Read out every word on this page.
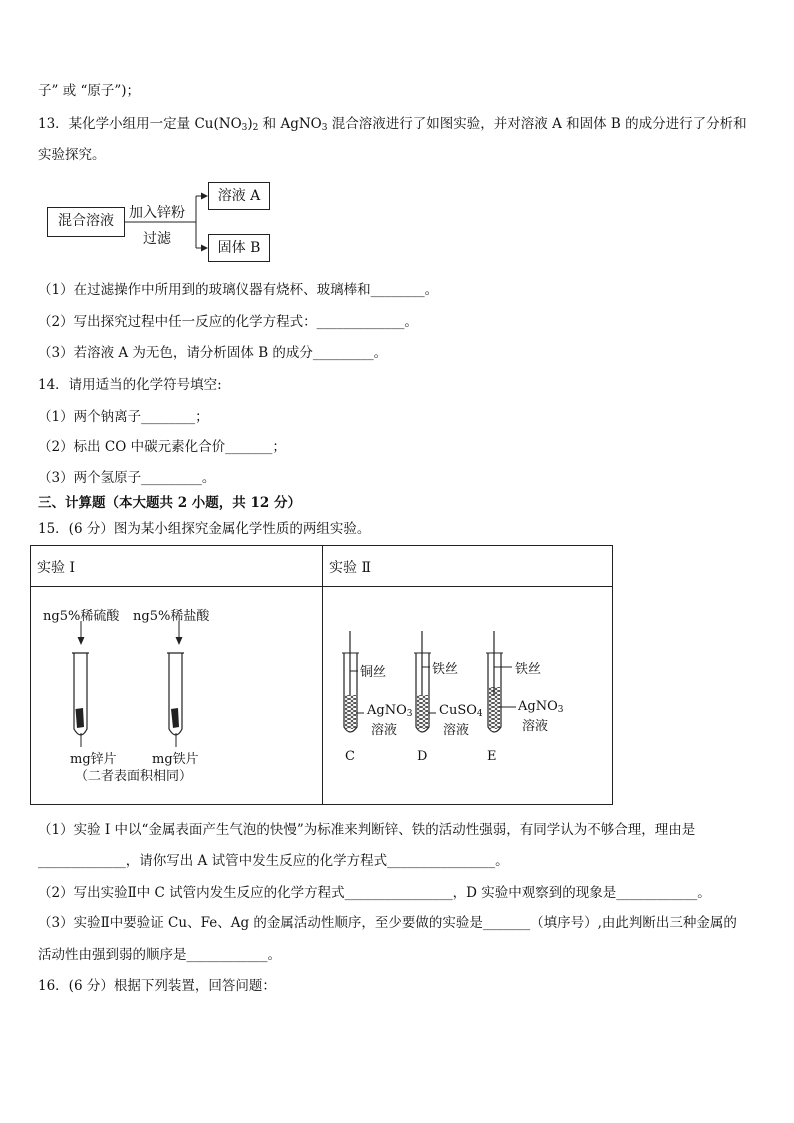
子” 或 “原子”)；
13．某化学小组用一定量 $Cu(NO_3)_2$ 和 AgNO$_3$ 混合溶液进行了如图实验，并对溶液 A 和固体 B 的成分进行了分析和
实验探究。
混合溶液	加入锌粉
过滤
溶液 A
固体 B
（1）在过滤操作中所用到的玻璃仪器有烧杯、玻璃棒和________。
（2）写出探究过程中任一反应的化学方程式：_____________。
（3）若溶液 A 为无色，请分析固体 B 的成分_________。
14．请用适当的化学符号填空:
（1）两个钠离子________；
（2）标出 CO 中碳元素化合价_______；
（3）两个氢原子_________。
三、计算题（本大题共 2 小题，共 12 分）
15．(6 分）图为某小组探究金属化学性质的两组实验。
实验 I	实验 Ⅱ

ng5%稀硫酸 ng5%稀盐酸
mg锌片	mg铁片
（二者表面积相同）
铜丝	铁丝	铁丝
AgNO$_3$
溶液
CuSO$_4$
溶液
AgNO$_3$
溶液
C	D	E
（1）实验 I 中以“金属表面产生气泡的快慢”为标准来判断锌、铁的活动性强弱，有同学认为不够合理，理由是
_____________，请你写出 A 试管中发生反应的化学方程式________________。
（2）写出实验Ⅱ中 C 试管内发生反应的化学方程式________________，D 实验中观察到的现象是____________。
（3）实验Ⅱ中要验证 Cu、Fe、Ag 的金属活动性顺序，至少要做的实验是_______（填序号）,由此判断出三种金属的
活动性由强到弱的顺序是____________。
16．(6 分）根据下列装置，回答问题：
